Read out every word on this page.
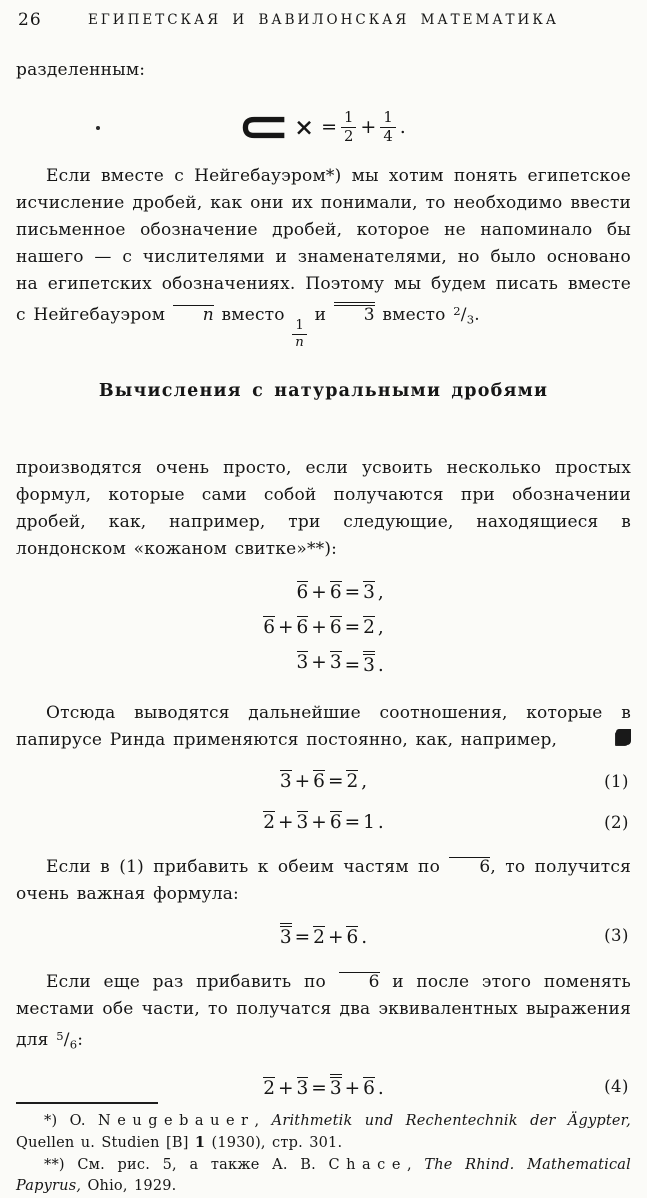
26	ЕГИПЕТСКАЯ И ВАВИЛОНСКАЯ МАТЕМАТИКА

разделенным:

× = $\frac{1}{2} + \frac{1}{4}$ .

Если вместе с Нейгебауэром*) мы хотим понять египетское исчисление дробей, как они их понимали, то необходимо ввести письменное обозначение дробей, которое не напоминало бы нашего — с числителями и знаменателями, но было основано на египетских обозначениях. Поэтому мы будем писать вместе с Нейгебауэром n вместо
$\frac{1}{n}$
и 3 вместо $^2/_3$.

Вычисления с натуральными дробями

производятся очень просто, если усвоить несколько простых формул, которые сами собой получаются при обозначении дробей, как, например, три следующие, находящиеся в лондонском «кожаном свитке»**):

6 + 6 = 3 ,
6 + 6 + 6 = 2 ,
3 + 3 = 3 .

Отсюда выводятся дальнейшие соотношения, которые в папирусе Ринда применяются постоянно, как, например,

3 + 6 = 2 ,	(1)
2 + 3 + 6 = 1 .	(2)

Если в (1) прибавить к обеим частям по 6, то получится очень важная формула:

3 = 2 + 6 .	(3)

Если еще раз прибавить по 6 и после этого поменять местами обе части, то получатся два эквивалентных выражения для $^5/_6$:

2 + 3 = 3 + 6 .	(4)

*) O. Neugebauer, Arithmetik und Rechentechnik der Ägypter, Quellen u. Studien [B] 1 (1930), стр. 301.

**) См. рис. 5, а также A. B. Chace, The Rhind. Mathematical Papyrus, Ohio, 1929.
